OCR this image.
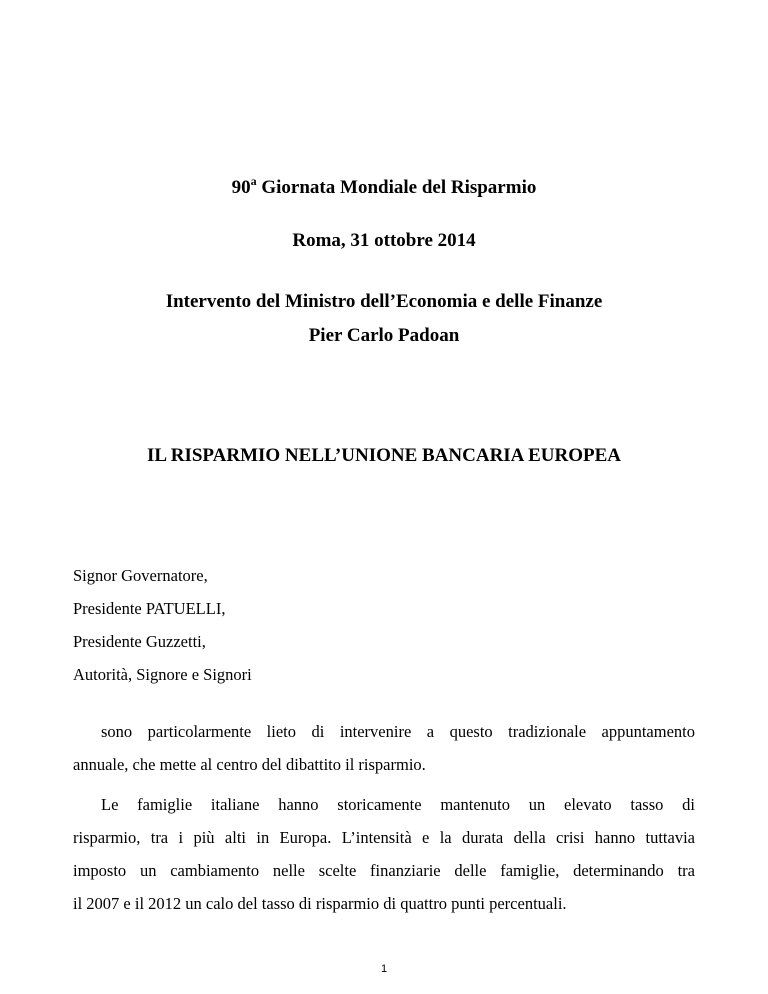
90$^a$ Giornata Mondiale del Risparmio
Roma, 31 ottobre 2014
Intervento del Ministro dell’Economia e delle Finanze
Pier Carlo Padoan
IL RISPARMIO NELL’UNIONE BANCARIA EUROPEA
Signor Governatore,
Presidente PATUELLI,
Presidente Guzzetti,
Autorità, Signore e Signori
sono particolarmente lieto di intervenire a questo tradizionale appuntamento
annuale, che mette al centro del dibattito il risparmio.
Le famiglie italiane hanno storicamente mantenuto un elevato tasso di
risparmio, tra i più alti in Europa. L’intensità e la durata della crisi hanno tuttavia
imposto un cambiamento nelle scelte finanziarie delle famiglie, determinando tra
il 2007 e il 2012 un calo del tasso di risparmio di quattro punti percentuali.
1
